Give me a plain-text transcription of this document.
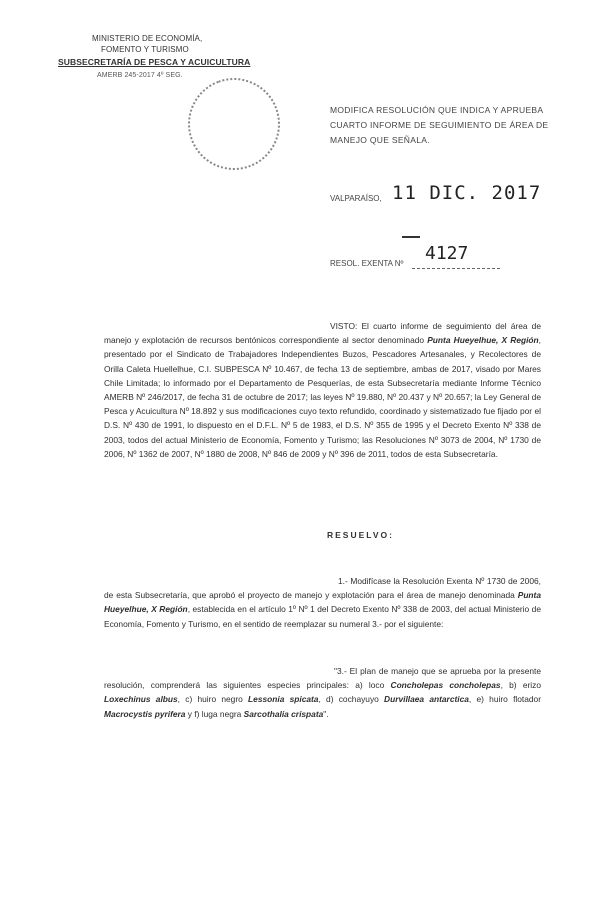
MINISTERIO DE ECONOMÍA,
FOMENTO Y TURISMO
SUBSECRETARÍA DE PESCA Y ACUICULTURA
AMERB 245-2017 4º SEG.
MODIFICA RESOLUCIÓN QUE INDICA Y APRUEBA CUARTO INFORME DE SEGUIMIENTO DE ÁREA DE MANEJO QUE SEÑALA.
VALPARAÍSO, 11 DIC. 2017
RESOL. EXENTA Nº 4127
VISTO: El cuarto informe de seguimiento del área de manejo y explotación de recursos bentónicos correspondiente al sector denominado Punta Hueyelhue, X Región, presentado por el Sindicato de Trabajadores Independientes Buzos, Pescadores Artesanales, y Recolectores de Orilla Caleta Huellelhue, C.I. SUBPESCA Nº 10.467, de fecha 13 de septiembre, ambas de 2017, visado por Mares Chile Limitada; lo informado por el Departamento de Pesquerías, de esta Subsecretaría mediante Informe Técnico AMERB Nº 246/2017, de fecha 31 de octubre de 2017; las leyes Nº 19.880, Nº 20.437 y Nº 20.657; la Ley General de Pesca y Acuicultura Nº 18.892 y sus modificaciones cuyo texto refundido, coordinado y sistematizado fue fijado por el D.S. Nº 430 de 1991, lo dispuesto en el D.F.L. Nº 5 de 1983, el D.S. Nº 355 de 1995 y el Decreto Exento Nº 338 de 2003, todos del actual Ministerio de Economía, Fomento y Turismo; las Resoluciones Nº 3073 de 2004, Nº 1730 de 2006, Nº 1362 de 2007, Nº 1880 de 2008, Nº 846 de 2009 y Nº 396 de 2011, todos de esta Subsecretaría.
RESUELVO:
1.- Modifícase la Resolución Exenta Nº 1730 de 2006, de esta Subsecretaría, que aprobó el proyecto de manejo y explotación para el área de manejo denominada Punta Hueyelhue, X Región, establecida en el artículo 1º Nº 1 del Decreto Exento Nº 338 de 2003, del actual Ministerio de Economía, Fomento y Turismo, en el sentido de reemplazar su numeral 3.- por el siguiente:
"3.- El plan de manejo que se aprueba por la presente resolución, comprenderá las siguientes especies principales: a) loco Concholepas concholepas, b) erizo Loxechinus albus, c) huiro negro Lessonia spicata, d) cochayuyo Durvillaea antarctica, e) huiro flotador Macrocystis pyrifera y f) luga negra Sarcothalia crispata".
